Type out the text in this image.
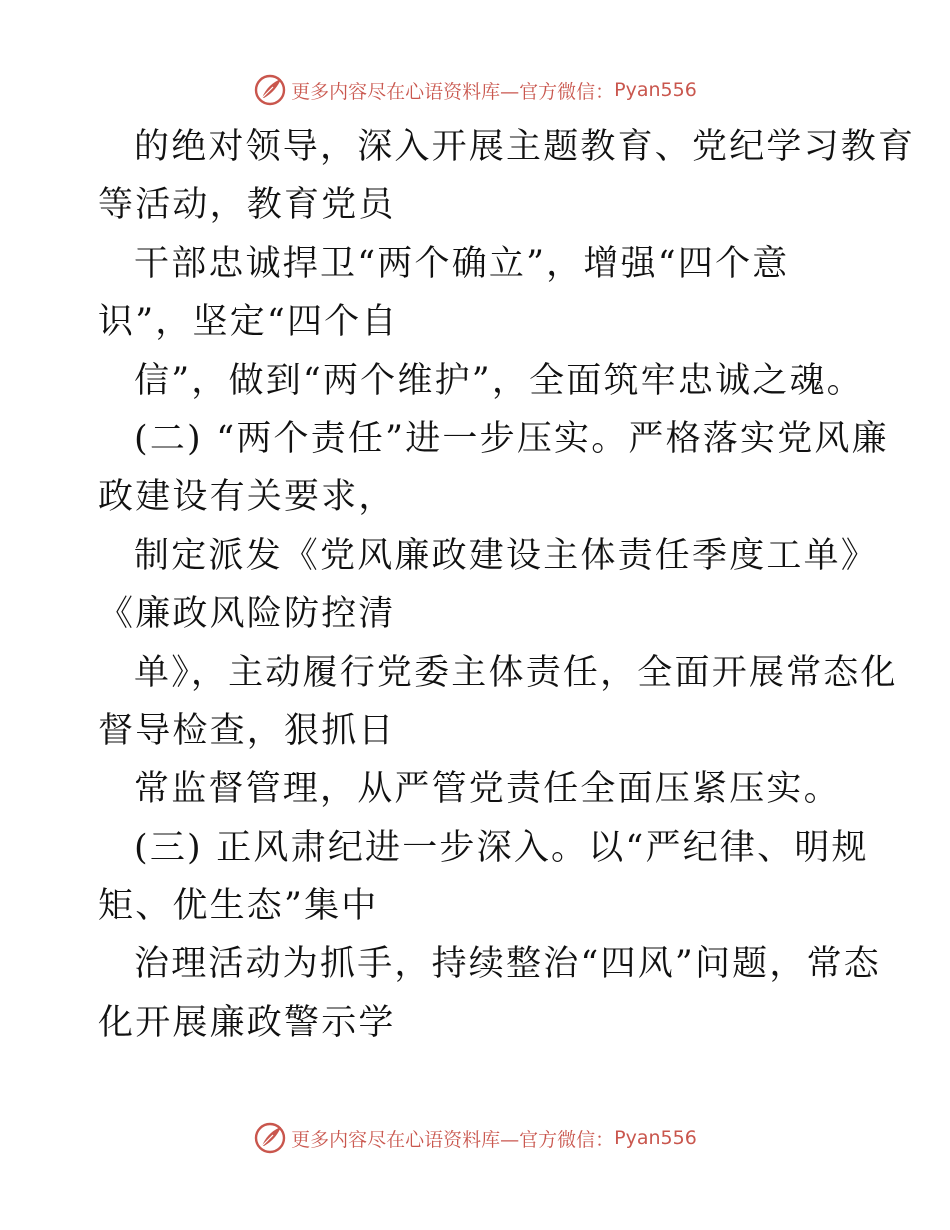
更多内容尽在心语资料库—官方微信： Pyan556
的绝对领导，深入开展主题教育、党纪学习教育
等活动，教育党员
干部忠诚捍卫“两个确立”，增强“四个意
识”，坚定“四个自
信”，做到“两个维护”，全面筑牢忠诚之魂。
(二) “两个责任”进一步压实。严格落实党风廉
政建设有关要求，
制定派发《党风廉政建设主体责任季度工单》
《廉政风险防控清
单》，主动履行党委主体责任，全面开展常态化
督导检查，狠抓日
常监督管理，从严管党责任全面压紧压实。
(三) 正风肃纪进一步深入。以“严纪律、明规
矩、优生态”集中
治理活动为抓手，持续整治“四风”问题，常态
化开展廉政警示学
更多内容尽在心语资料库—官方微信： Pyan556
